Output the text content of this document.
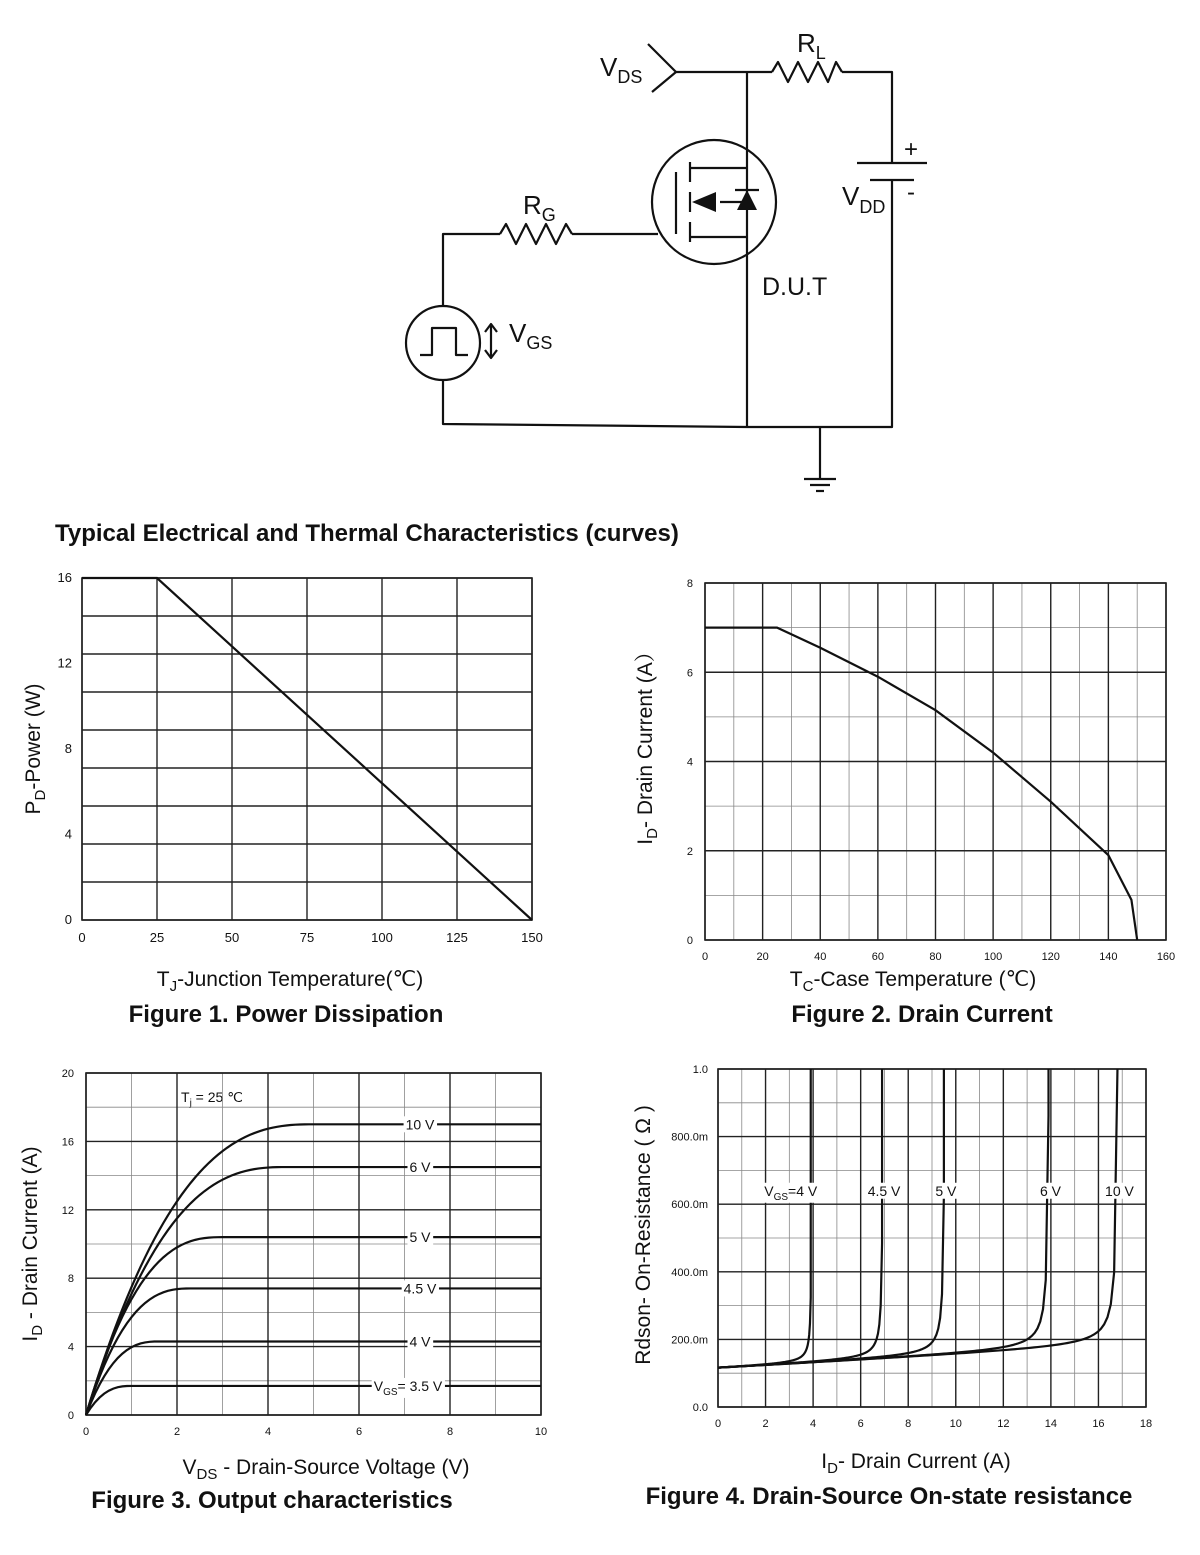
$V_{DS}$
$R_L$
$R_G$
$V_{DD}$
$V_{GS}$
D.U.T
+
-
Typical Electrical and Thermal Characteristics (curves)
$P_D$-Power (W)
$T_J$-Junction Temperature(℃)
Figure 1. Power Dissipation
0	25	50	75	100	125	150
0
4
8
12
16
$I_D-$ Drain Current (A）
$T_C$-Case Temperature (℃)
Figure 2. Drain Current
0	20	40	60	80	100	120	140	160
0
2
4
6
8
$I_D$ - Drain Current (A)
$V_{DS}$ - Drain-Source Voltage (V)
Figure 3. Output characteristics
$T_j = 25$ ℃
0	2	4	6	8	10
0
4
8
12
16
20
$V_{GS}= 3.5$ V
4 V
4.5 V
5 V
6 V
10 V	Rdson- On-Resistance ( Ω )
$I_D-$ Drain Current (A)
Figure 4. Drain-Source On-state resistance
0	2	4	6	8	10	12	14	16	18
0.0
200.0m
400.0m
600.0m
800.0m
1.0
$V_{GS}=4$ V	4.5 V 5 V	6 V	10 V
